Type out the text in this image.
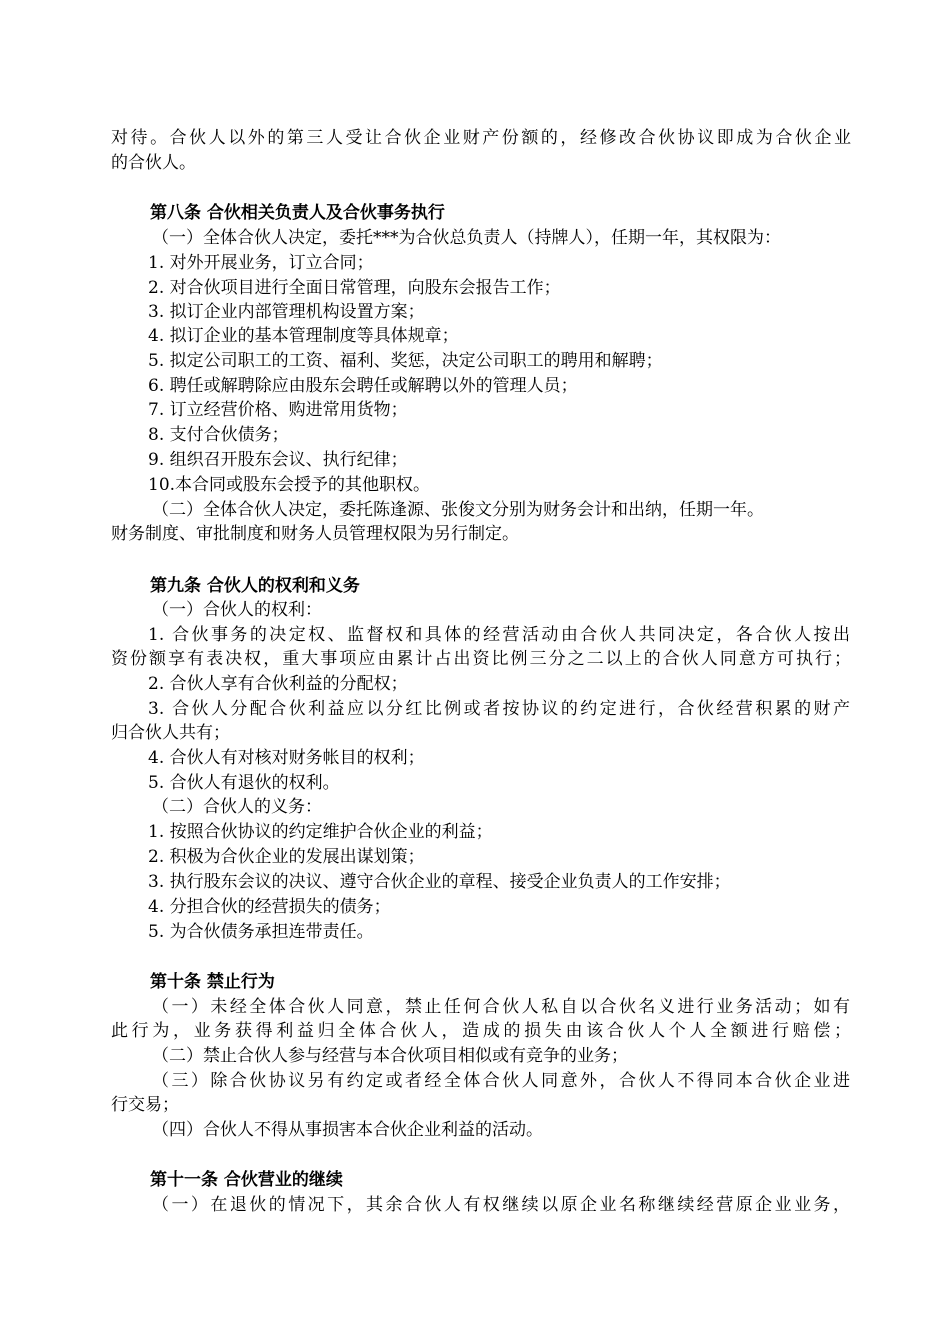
对待。合伙人以外的第三人受让合伙企业财产份额的，经修改合伙协议即成为合伙企业
的合伙人。
第八条 合伙相关负责人及合伙事务执行
（一）全体合伙人决定，委托***为合伙总负责人（持牌人），任期一年，其权限为：
1. 对外开展业务，订立合同；
2. 对合伙项目进行全面日常管理，向股东会报告工作；
3. 拟订企业内部管理机构设置方案；
4. 拟订企业的基本管理制度等具体规章；
5. 拟定公司职工的工资、福利、奖惩，决定公司职工的聘用和解聘；
6. 聘任或解聘除应由股东会聘任或解聘以外的管理人员；
7. 订立经营价格、购进常用货物；
8. 支付合伙债务；
9. 组织召开股东会议、执行纪律；
10.本合同或股东会授予的其他职权。
（二）全体合伙人决定，委托陈逢源、张俊文分别为财务会计和出纳，任期一年。
财务制度、审批制度和财务人员管理权限为另行制定。
第九条 合伙人的权利和义务
（一）合伙人的权利：
1. 合伙事务的决定权、监督权和具体的经营活动由合伙人共同决定，各合伙人按出
资份额享有表决权，重大事项应由累计占出资比例三分之二以上的合伙人同意方可执行；
2. 合伙人享有合伙利益的分配权；
3. 合伙人分配合伙利益应以分红比例或者按协议的约定进行，合伙经营积累的财产
归合伙人共有；
4. 合伙人有对核对财务帐目的权利；
5. 合伙人有退伙的权利。
（二）合伙人的义务：
1. 按照合伙协议的约定维护合伙企业的利益；
2. 积极为合伙企业的发展出谋划策；
3. 执行股东会议的决议、遵守合伙企业的章程、接受企业负责人的工作安排；
4. 分担合伙的经营损失的债务；
5. 为合伙债务承担连带责任。
第十条 禁止行为
（一）未经全体合伙人同意，禁止任何合伙人私自以合伙名义进行业务活动；如有
此行为，业务获得利益归全体合伙人，造成的损失由该合伙人个人全额进行赔偿；
（二）禁止合伙人参与经营与本合伙项目相似或有竞争的业务；
（三）除合伙协议另有约定或者经全体合伙人同意外，合伙人不得同本合伙企业进
行交易；
（四）合伙人不得从事损害本合伙企业利益的活动。
第十一条 合伙营业的继续
（一）在退伙的情况下，其余合伙人有权继续以原企业名称继续经营原企业业务，
